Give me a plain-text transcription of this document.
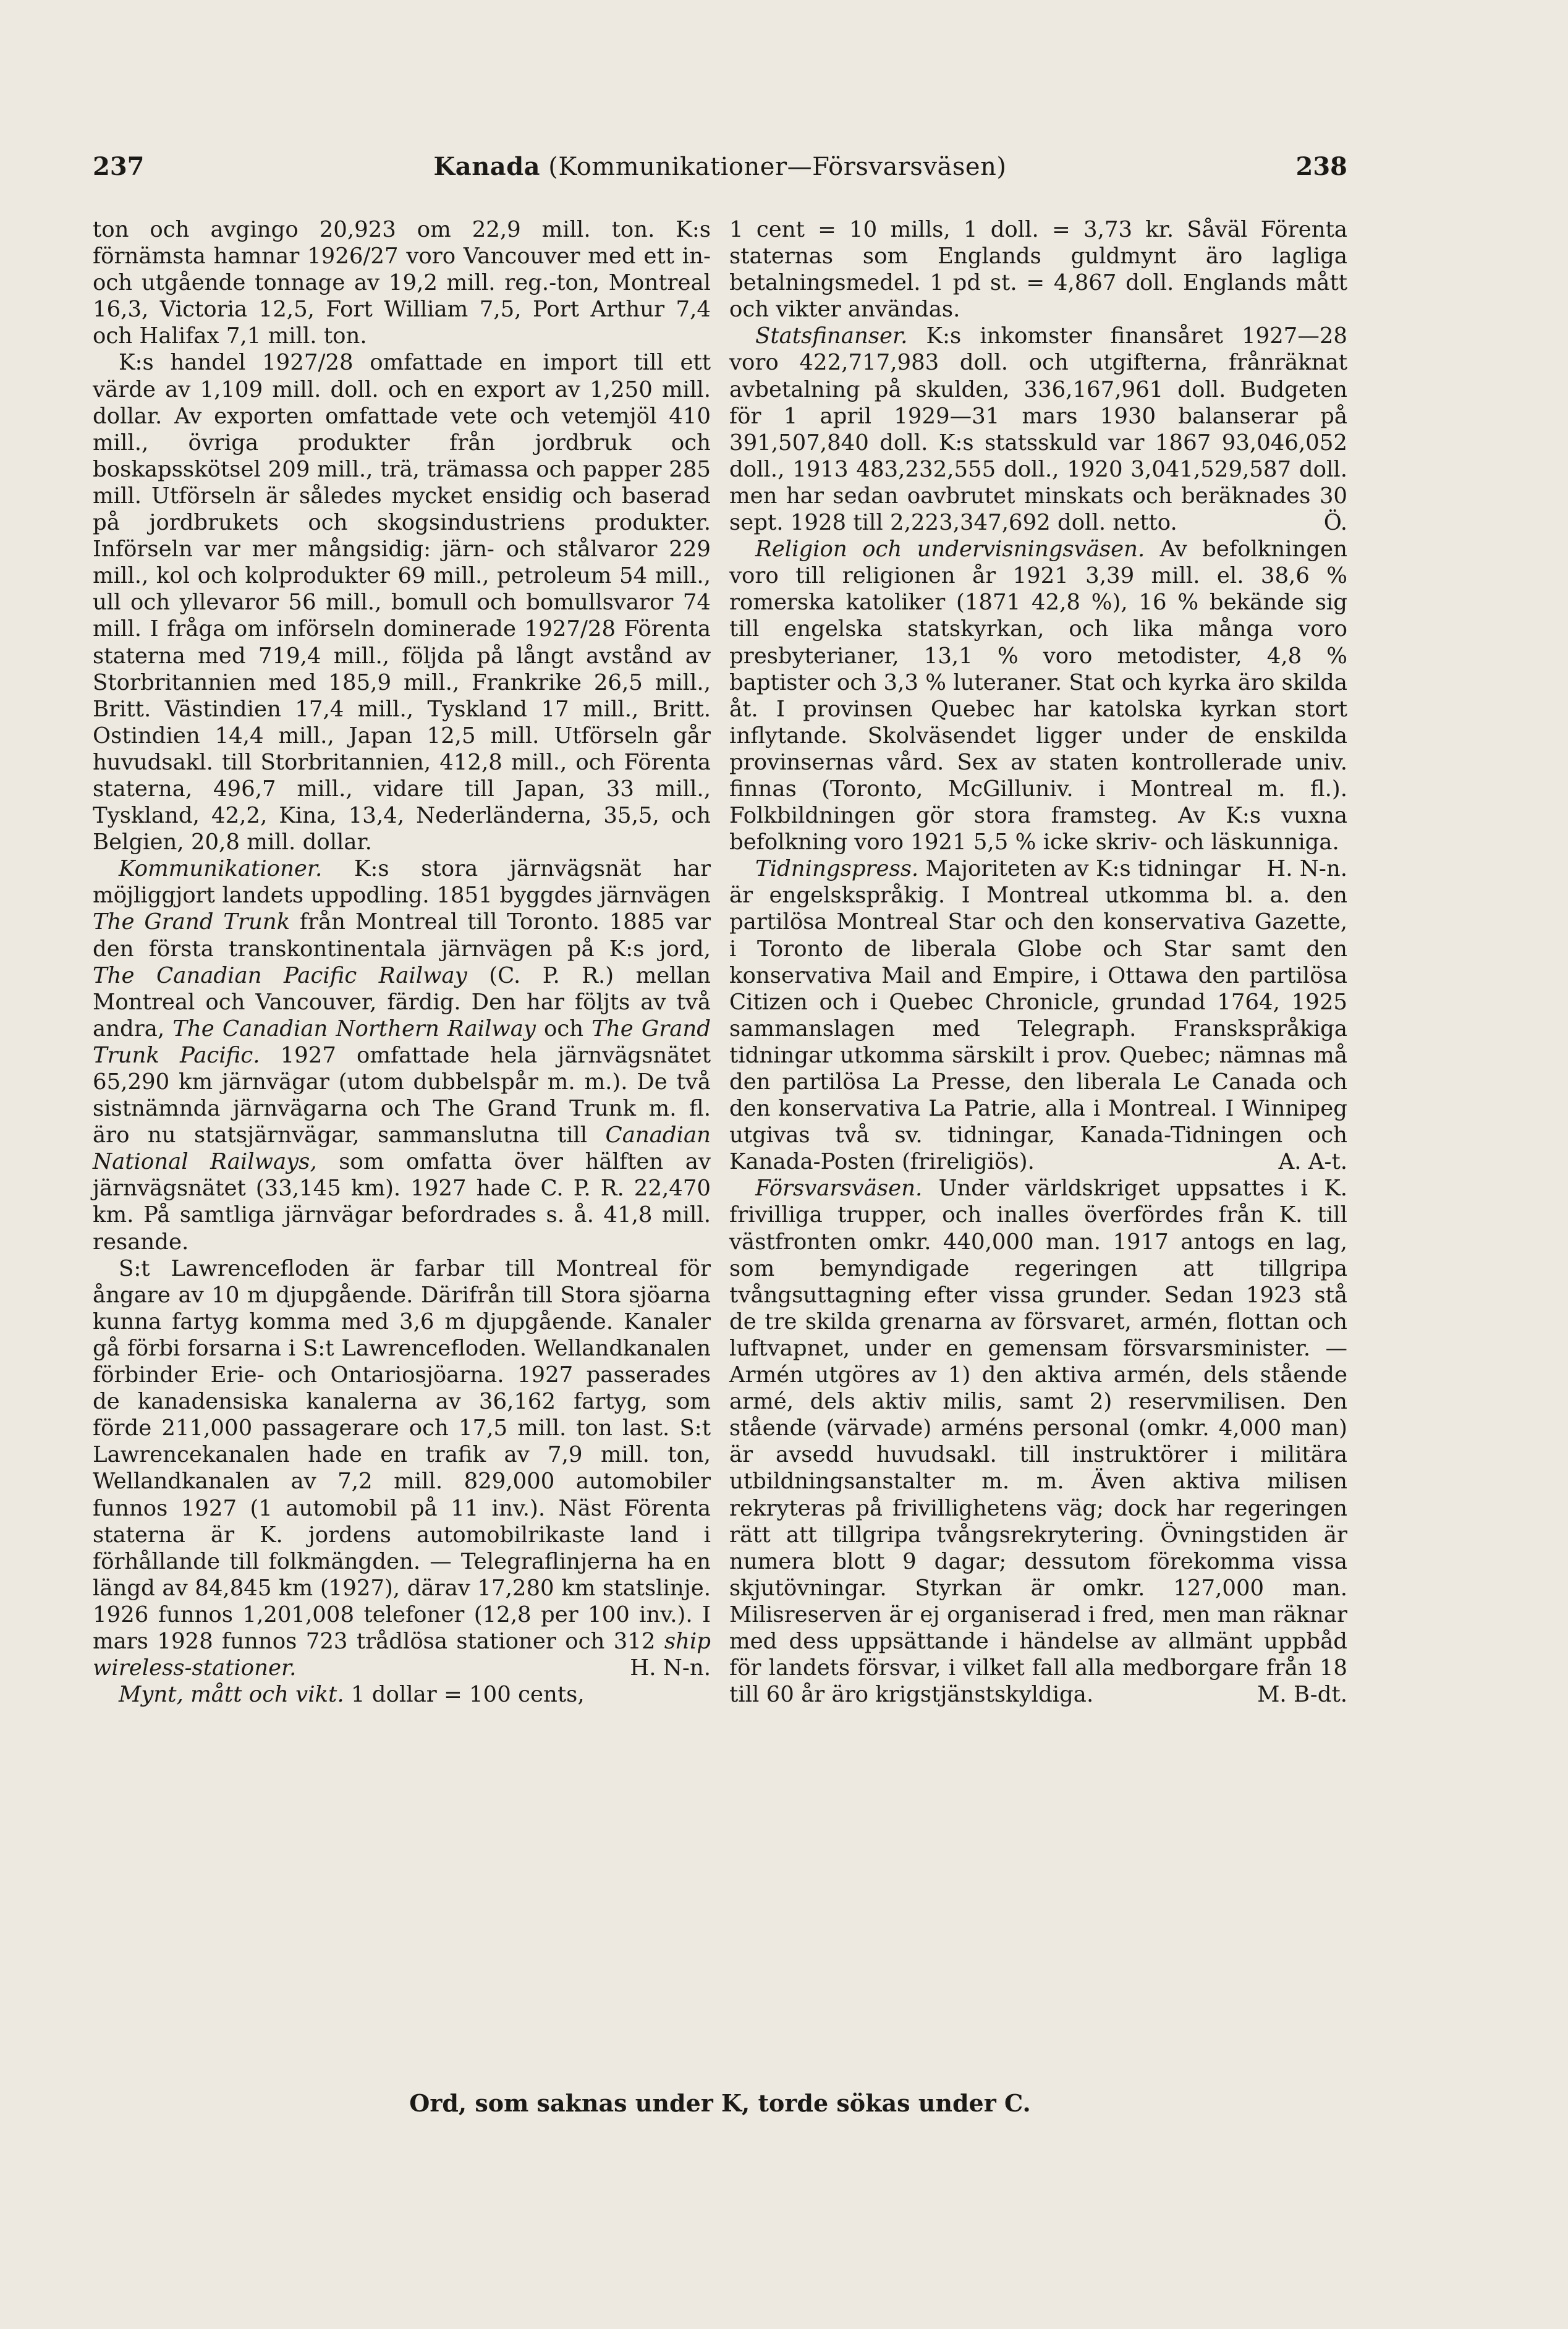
237	Kanada (Kommunikationer—Försvarsväsen)	238

ton och avgingo 20,923 om 22,9 mill. ton. K:s förnämsta hamnar 1926/27 voro Vancouver med ett in- och utgående tonnage av 19,2 mill. reg.-ton, Montreal 16,3, Victoria 12,5, Fort William 7,5, Port Arthur 7,4 och Halifax 7,1 mill. ton.

K:s handel 1927/28 omfattade en import till ett värde av 1,109 mill. doll. och en export av 1,250 mill. dollar. Av exporten omfattade vete och vetemjöl 410 mill., övriga produkter från jordbruk och boskapsskötsel 209 mill., trä, trämassa och papper 285 mill. Utförseln är således mycket ensidig och baserad på jordbrukets och skogsindustriens produkter. Införseln var mer mångsidig: järn- och stålvaror 229 mill., kol och kolprodukter 69 mill., petroleum 54 mill., ull och yllevaror 56 mill., bomull och bomullsvaror 74 mill. I fråga om införseln dominerade 1927/28 Förenta staterna med 719,4 mill., följda på långt avstånd av Storbritannien med 185,9 mill., Frankrike 26,5 mill., Britt. Västindien 17,4 mill., Tyskland 17 mill., Britt. Ostindien 14,4 mill., Japan 12,5 mill. Utförseln går huvudsakl. till Storbritannien, 412,8 mill., och Förenta staterna, 496,7 mill., vidare till Japan, 33 mill., Tyskland, 42,2, Kina, 13,4, Nederländerna, 35,5, och Belgien, 20,8 mill. dollar.

Kommunikationer. K:s stora järnvägsnät har möjliggjort landets uppodling. 1851 byggdes järnvägen The Grand Trunk från Montreal till Toronto. 1885 var den första transkontinentala järnvägen på K:s jord, The Canadian Pacific Railway (C. P. R.) mellan Montreal och Vancouver, färdig. Den har följts av två andra, The Canadian Northern Railway och The Grand Trunk Pacific. 1927 omfattade hela järnvägsnätet 65,290 km järnvägar (utom dubbelspår m. m.). De två sistnämnda järnvägarna och The Grand Trunk m. fl. äro nu statsjärnvägar, sammanslutna till Canadian National Railways, som omfatta över hälften av järnvägsnätet (33,145 km). 1927 hade C. P. R. 22,470 km. På samtliga järnvägar befordrades s. å. 41,8 mill. resande.

S:t Lawrencefloden är farbar till Montreal för ångare av 10 m djupgående. Därifrån till Stora sjöarna kunna fartyg komma med 3,6 m djupgående. Kanaler gå förbi forsarna i S:t Lawrencefloden. Wellandkanalen förbinder Erie- och Ontariosjöarna. 1927 passerades de kanadensiska kanalerna av 36,162 fartyg, som förde 211,000 passagerare och 17,5 mill. ton last. S:t Lawrencekanalen hade en trafik av 7,9 mill. ton, Wellandkanalen av 7,2 mill. 829,000 automobiler funnos 1927 (1 automobil på 11 inv.). Näst Förenta staterna är K. jordens automobilrikaste land i förhållande till folkmängden. — Telegraflinjerna ha en längd av 84,845 km (1927), därav 17,280 km statslinje. 1926 funnos 1,201,008 telefoner (12,8 per 100 inv.). I mars 1928 funnos 723 trådlösa stationer och 312 ship wireless-stationer.	H. N-n.

Mynt, mått och vikt. 1 dollar = 100 cents,

1 cent = 10 mills, 1 doll. = 3,73 kr. Såväl Förenta staternas som Englands guldmynt äro lagliga betalningsmedel. 1 pd st. = 4,867 doll. Englands mått och vikter användas.

Statsfinanser. K:s inkomster finansåret 1927—28 voro 422,717,983 doll. och utgifterna, frånräknat avbetalning på skulden, 336,167,961 doll. Budgeten för 1 april 1929—31 mars 1930 balanserar på 391,507,840 doll. K:s statsskuld var 1867 93,046,052 doll., 1913 483,232,555 doll., 1920 3,041,529,587 doll. men har sedan oavbrutet minskats och beräknades 30 sept. 1928 till 2,223,347,692 doll. netto.	Ö.

Religion och undervisningsväsen. Av befolkningen voro till religionen år 1921 3,39 mill. el. 38,6 % romerska katoliker (1871 42,8 %), 16 % bekände sig till engelska statskyrkan, och lika många voro presbyterianer, 13,1 % voro metodister, 4,8 % baptister och 3,3 % luteraner. Stat och kyrka äro skilda åt. I provinsen Quebec har katolska kyrkan stort inflytande. Skolväsendet ligger under de enskilda provinsernas vård. Sex av staten kontrollerade univ. finnas (Toronto, McGilluniv. i Montreal m. fl.). Folkbildningen gör stora framsteg. Av K:s vuxna befolkning voro 1921 5,5 % icke skriv- och läskunniga.
H. N-n.

Tidningspress. Majoriteten av K:s tidningar är engelskspråkig. I Montreal utkomma bl. a. den partilösa Montreal Star och den konservativa Gazette, i Toronto de liberala Globe och Star samt den konservativa Mail and Empire, i Ottawa den partilösa Citizen och i Quebec Chronicle, grundad 1764, 1925 sammanslagen med Telegraph. Franskspråkiga tidningar utkomma särskilt i prov. Quebec; nämnas må den partilösa La Presse, den liberala Le Canada och den konservativa La Patrie, alla i Montreal. I Winnipeg utgivas två sv. tidningar, Kanada-Tidningen och Kanada-Posten (frireligiös).	A. A-t.

Försvarsväsen. Under världskriget uppsattes i K. frivilliga trupper, och inalles överfördes från K. till västfronten omkr. 440,000 man. 1917 antogs en lag, som bemyndigade regeringen att tillgripa tvångsuttagning efter vissa grunder. Sedan 1923 stå de tre skilda grenarna av försvaret, armén, flottan och luftvapnet, under en gemensam försvarsminister. — Armén utgöres av 1) den aktiva armén, dels stående armé, dels aktiv milis, samt 2) reservmilisen. Den stående (värvade) arméns personal (omkr. 4,000 man) är avsedd huvudsakl. till instruktörer i militära utbildningsanstalter m. m. Även aktiva milisen rekryteras på frivillighetens väg; dock har regeringen rätt att tillgripa tvångsrekrytering. Övningstiden är numera blott 9 dagar; dessutom förekomma vissa skjutövningar. Styrkan är omkr. 127,000 man. Milisreserven är ej organiserad i fred, men man räknar med dess uppsättande i händelse av allmänt uppbåd för landets försvar, i vilket fall alla medborgare från 18 till 60 år äro krigstjänstskyldiga.	M. B-dt.

Ord, som saknas under K, torde sökas under C.
